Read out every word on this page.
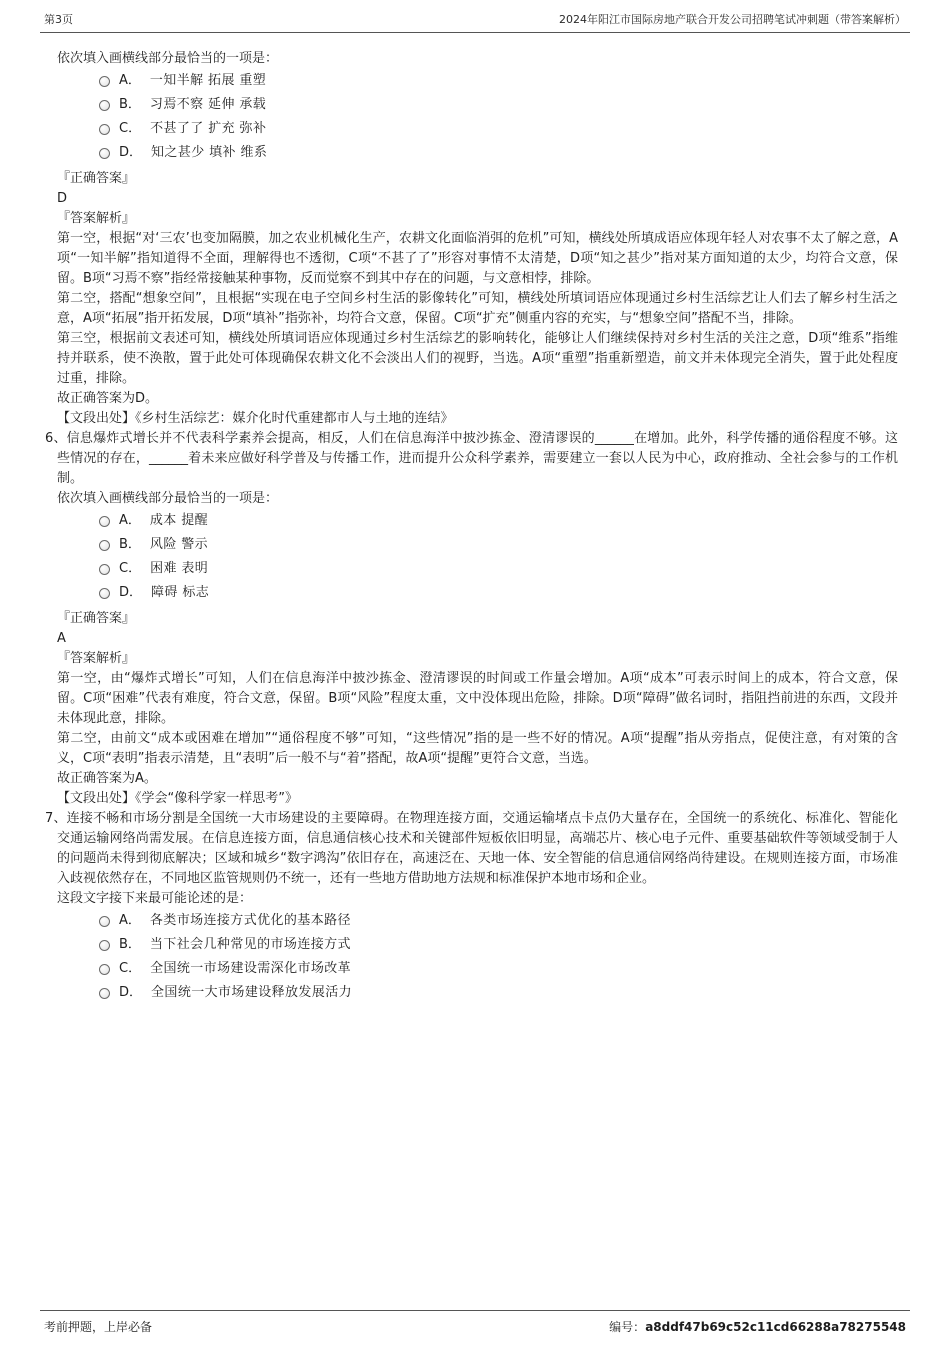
第3页	2024年阳江市国际房地产联合开发公司招聘笔试冲刺题（带答案解析）

依次填入画横线部分最恰当的一项是：

A． 一知半解 拓展 重塑
B． 习焉不察 延伸 承载
C． 不甚了了 扩充 弥补
D． 知之甚少 填补 维系

『正确答案』

D

『答案解析』

第一空，根据“对‘三农’也变加隔膜，加之农业机械化生产，农耕文化面临消弭的危机”可知，横线处所填成语应体现年轻人对农事不太了解之意，A项“一知半解”指知道得不全面，理解得也不透彻，C项“不甚了了”形容对事情不太清楚，D项“知之甚少”指对某方面知道的太少，均符合文意，保留。B项“习焉不察”指经常接触某种事物，反而觉察不到其中存在的问题，与文意相悖，排除。

第二空，搭配“想象空间”，且根据“实现在电子空间乡村生活的影像转化”可知，横线处所填词语应体现通过乡村生活综艺让人们去了解乡村生活之意，A项“拓展”指开拓发展，D项“填补”指弥补，均符合文意，保留。C项“扩充”侧重内容的充实，与“想象空间”搭配不当，排除。

第三空，根据前文表述可知，横线处所填词语应体现通过乡村生活综艺的影响转化，能够让人们继续保持对乡村生活的关注之意，D项“维系”指维持并联系，使不涣散，置于此处可体现确保农耕文化不会淡出人们的视野，当选。A项“重塑”指重新塑造，前文并未体现完全消失，置于此处程度过重，排除。

故正确答案为D。

【文段出处】《乡村生活综艺：媒介化时代重建都市人与土地的连结》

6、信息爆炸式增长并不代表科学素养会提高，相反，人们在信息海洋中披沙拣金、澄清谬误的______在增加。此外，科学传播的通俗程度不够。这些情况的存在，______着未来应做好科学普及与传播工作，进而提升公众科学素养，需要建立一套以人民为中心，政府推动、全社会参与的工作机制。

依次填入画横线部分最恰当的一项是：

A． 成本 提醒
B． 风险 警示
C． 困难 表明
D． 障碍 标志

『正确答案』

A

『答案解析』

第一空，由“爆炸式增长”可知，人们在信息海洋中披沙拣金、澄清谬误的时间或工作量会增加。A项“成本”可表示时间上的成本，符合文意，保留。C项“困难”代表有难度，符合文意，保留。B项“风险”程度太重，文中没体现出危险，排除。D项“障碍”做名词时，指阻挡前进的东西，文段并未体现此意，排除。

第二空，由前文“成本或困难在增加”“通俗程度不够”可知，“这些情况”指的是一些不好的情况。A项“提醒”指从旁指点，促使注意，有对策的含义，C项“表明”指表示清楚，且“表明”后一般不与“着”搭配，故A项“提醒”更符合文意，当选。

故正确答案为A。

【文段出处】《学会“像科学家一样思考”》

7、连接不畅和市场分割是全国统一大市场建设的主要障碍。在物理连接方面，交通运输堵点卡点仍大量存在，全国统一的系统化、标准化、智能化交通运输网络尚需发展。在信息连接方面，信息通信核心技术和关键部件短板依旧明显，高端芯片、核心电子元件、重要基础软件等领域受制于人的问题尚未得到彻底解决；区域和城乡“数字鸿沟”依旧存在，高速泛在、天地一体、安全智能的信息通信网络尚待建设。在规则连接方面，市场准入歧视依然存在，不同地区监管规则仍不统一，还有一些地方借助地方法规和标准保护本地市场和企业。

这段文字接下来最可能论述的是：

A． 各类市场连接方式优化的基本路径
B． 当下社会几种常见的市场连接方式
C． 全国统一市场建设需深化市场改革
D． 全国统一大市场建设释放发展活力
考前押题，上岸必备	编号：a8ddf47b69c52c11cd66288a78275548
